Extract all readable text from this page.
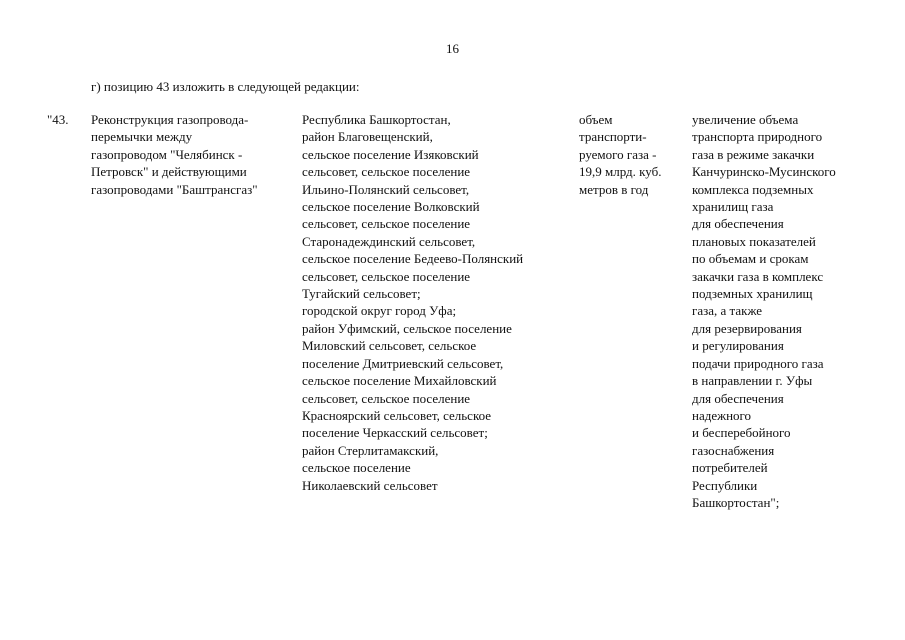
16
г) позицию 43 изложить в следующей редакции:
"43. Реконструкция газопровода-
перемычки между
газопроводом "Челябинск -
Петровск" и действующими
газопроводами "Баштрансгаз"
Республика Башкортостан,
район Благовещенский,
сельское поселение Изяковский
сельсовет, сельское поселение
Ильино-Полянский сельсовет,
сельское поселение Волковский
сельсовет, сельское поселение
Старонадеждинский сельсовет,
сельское поселение Бедеево-Полянский
сельсовет, сельское поселение
Тугайский сельсовет;
городской округ город Уфа;
район Уфимский, сельское поселение
Миловский сельсовет, сельское
поселение Дмитриевский сельсовет,
сельское поселение Михайловский
сельсовет, сельское поселение
Красноярский сельсовет, сельское
поселение Черкасский сельсовет;
район Стерлитамакский,
сельское поселение
Николаевский сельсовет
объем
транспорти-
руемого газа -
19,9 млрд. куб.
метров в год
увеличение объема
транспорта природного
газа в режиме закачки
Канчуринско-Мусинского
комплекса подземных
хранилищ газа
для обеспечения
плановых показателей
по объемам и срокам
закачки газа в комплекс
подземных хранилищ
газа, а также
для резервирования
и регулирования
подачи природного газа
в направлении г. Уфы
для обеспечения
надежного
и бесперебойного
газоснабжения
потребителей
Республики
Башкортостан";
